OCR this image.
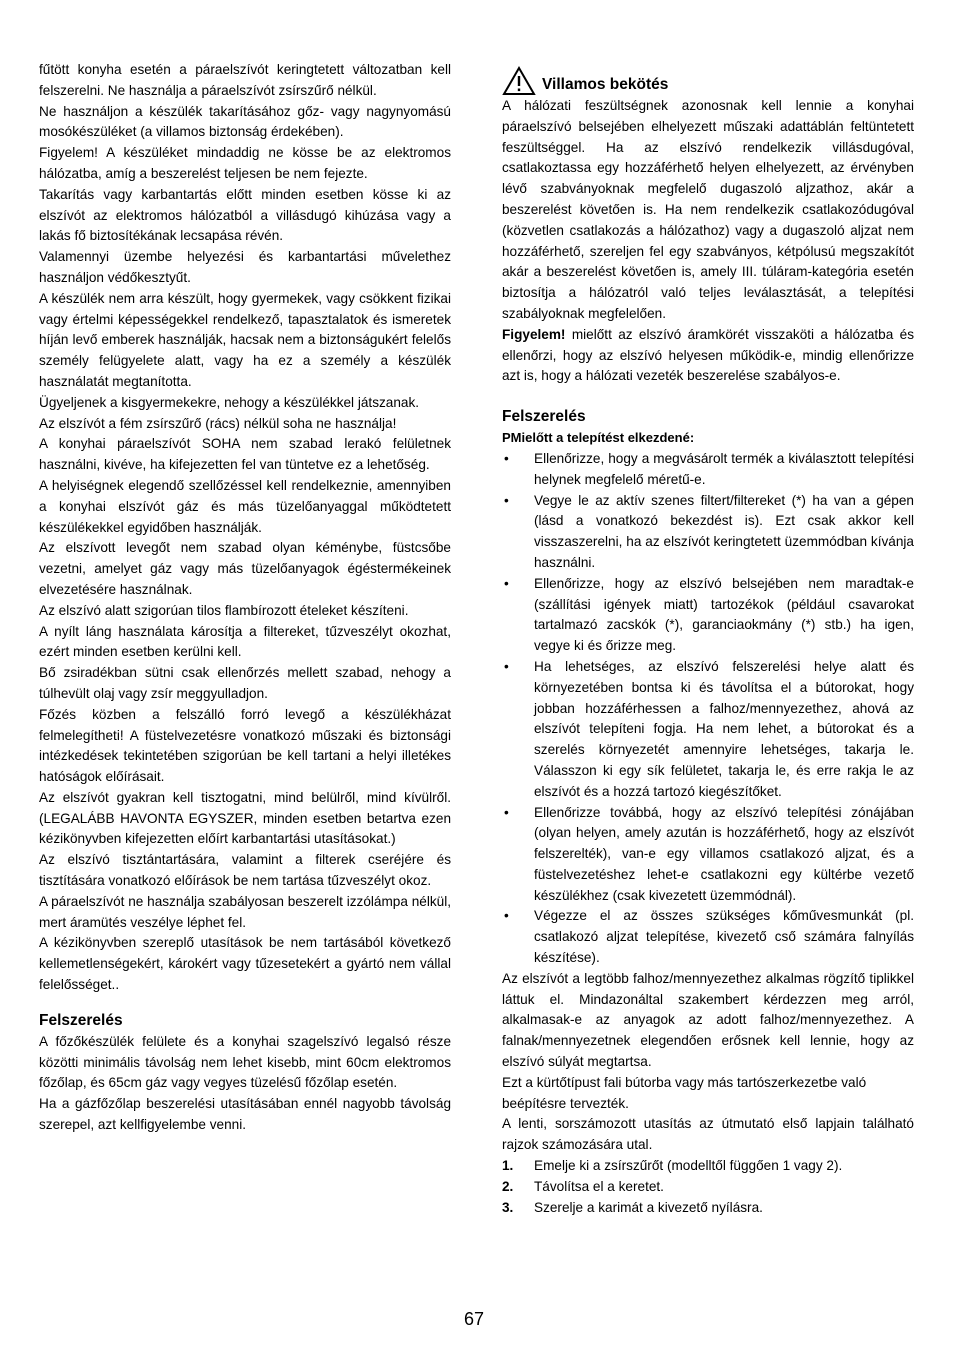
fűtött konyha esetén a páraelszívót keringtetett változatban kell felszerelni. Ne használja a páraelszívót zsírszűrő nélkül.

Ne használjon a készülék takarításához gőz- vagy nagynyomású mosókészüléket (a villamos biztonság érdekében).

Figyelem! A készüléket mindaddig ne kösse be az elektromos hálózatba, amíg a beszerelést teljesen be nem fejezte.

Takarítás vagy karbantartás előtt minden esetben kösse ki az elszívót az elektromos hálózatból a villásdugó kihúzása vagy a lakás fő biztosítékának lecsapása révén.

Valamennyi üzembe helyezési és karbantartási művelethez használjon védőkesztyűt.

A készülék nem arra készült, hogy gyermekek, vagy csökkent fizikai vagy értelmi képességekkel rendelkező, tapasztalatok és ismeretek híján levő emberek használják, hacsak nem a biztonságukért felelős személy felügyelete alatt, vagy ha ez a személy a készülék használatát megtanította.

Ügyeljenek a kisgyermekekre, nehogy a készülékkel játszanak.

Az elszívót a fém zsírszűrő (rács) nélkül soha ne használja!

A konyhai páraelszívót SOHA nem szabad lerakó felületnek használni, kivéve, ha kifejezetten fel van tüntetve ez a lehetőség.

A helyiségnek elegendő szellőzéssel kell rendelkeznie, amennyiben a konyhai elszívót gáz és más tüzelőanyaggal működtetett készülékekkel egyidőben használják.

Az elszívott levegőt nem szabad olyan kéménybe, füstcsőbe vezetni, amelyet gáz vagy más tüzelőanyagok égéstermékeinek elvezetésére használnak.

Az elszívó alatt szigorúan tilos flambírozott ételeket készíteni.

A nyílt láng használata károsítja a filtereket, tűzveszélyt okozhat, ezért minden esetben kerülni kell.

Bő zsiradékban sütni csak ellenőrzés mellett szabad, nehogy a túlhevült olaj vagy zsír meggyulladjon.

Főzés közben a felszálló forró levegő a készülékházat felmelegítheti! A füstelvezetésre vonatkozó műszaki és biztonsági intézkedések tekintetében szigorúan be kell tartani a helyi illetékes hatóságok előírásait.

Az elszívót gyakran kell tisztogatni, mind belülről, mind kívülről. (LEGALÁBB HAVONTA EGYSZER, minden esetben betartva ezen kézikönyvben kifejezetten előírt karbantartási utasításokat.)

Az elszívó tisztántartására, valamint a filterek cseréjére és tisztítására vonatkozó előírások be nem tartása tűzveszélyt okoz.

A páraelszívót ne használja szabályosan beszerelt izzólámpa nélkül, mert áramütés veszélye léphet fel.

A kézikönyvben szereplő utasítások be nem tartásából következő kellemetlenségekért, károkért vagy tűzesetekért a gyártó nem vállal felelősséget..

Felszerelés

A főzőkészülék felülete és a konyhai szagelszívó legalsó része közötti minimális távolság nem lehet kisebb, mint 60cm elektromos főzőlap, és 65cm gáz vagy vegyes tüzelésű főzőlap esetén.

Ha a gázfőzőlap beszerelési utasításában ennél nagyobb távolság szerepel, azt kellfigyelembe venni.

Villamos bekötés

A hálózati feszültségnek azonosnak kell lennie a konyhai páraelszívó belsejében elhelyezett műszaki adattáblán feltüntetett feszültséggel. Ha az elszívó rendelkezik villásdugóval, csatlakoztassa egy hozzáférhető helyen elhelyezett, az érvényben lévő szabványoknak megfelelő dugaszoló aljzathoz, akár a beszerelést követően is. Ha nem rendelkezik csatlakozódugóval (közvetlen csatlakozás a hálózathoz) vagy a dugaszoló aljzat nem hozzáférhető, szereljen fel egy szabványos, kétpólusú megszakítót akár a beszerelést követően is, amely III. túláram-kategória esetén biztosítja a hálózatról való teljes leválasztását, a telepítési szabályoknak megfelelően.

Figyelem! mielőtt az elszívó áramkörét visszaköti a hálózatba és ellenőrzi, hogy az elszívó helyesen működik-e, mindig ellenőrizze azt is, hogy a hálózati vezeték beszerelése szabályos-e.

Felszerelés
PMielőtt a telepítést elkezdené:
• Ellenőrizze, hogy a megvásárolt termék a kiválasztott telepítési helynek megfelelő méretű-e.
• Vegye le az aktív szenes filtert/filtereket (*) ha van a gépen (lásd a vonatkozó bekezdést is). Ezt csak akkor kell visszaszerelni, ha az elszívót keringtetett üzemmódban kívánja használni.
• Ellenőrizze, hogy az elszívó belsejében nem maradtak-e (szállítási igények miatt) tartozékok (például csavarokat tartalmazó zacskók (*), garanciaokmány (*) stb.) ha igen, vegye ki és őrizze meg.
• Ha lehetséges, az elszívó felszerelési helye alatt és környezetében bontsa ki és távolítsa el a bútorokat, hogy jobban hozzáférhessen a falhoz/mennyezethez, ahová az elszívót telepíteni fogja. Ha nem lehet, a bútorokat és a szerelés környezetét amennyire lehetséges, takarja le. Válasszon ki egy sík felületet, takarja le, és erre rakja le az elszívót és a hozzá tartozó kiegészítőket.
• Ellenőrizze továbbá, hogy az elszívó telepítési zónájában (olyan helyen, amely azután is hozzáférhető, hogy az elszívót felszerelték), van-e egy villamos csatlakozó aljzat, és a füstelvezetéshez lehet-e csatlakozni egy kültérbe vezető készülékhez (csak kivezetett üzemmódnál).
• Végezze el az összes szükséges kőművesmunkát (pl. csatlakozó aljzat telepítése, kivezető cső számára falnyílás készítése).

Az elszívót a legtöbb falhoz/mennyezethez alkalmas rögzítő tiplikkel láttuk el. Mindazonáltal szakembert kérdezzen meg arról, alkalmasak-e az anyagok az adott falhoz/mennyezethez. A falnak/mennyezetnek elegendően erősnek kell lennie, hogy az elszívó súlyát megtartsa.

Ezt a kürtőtípust fali bútorba vagy más tartószerkezetbe való beépítésre tervezték.

A lenti, sorszámozott utasítás az útmutató első lapjain található rajzok számozására utal.

1. Emelje ki a zsírszűrőt (modelltől függően 1 vagy 2).
2. Távolítsa el a keretet.
3. Szerelje a karimát a kivezető nyílásra.
67
